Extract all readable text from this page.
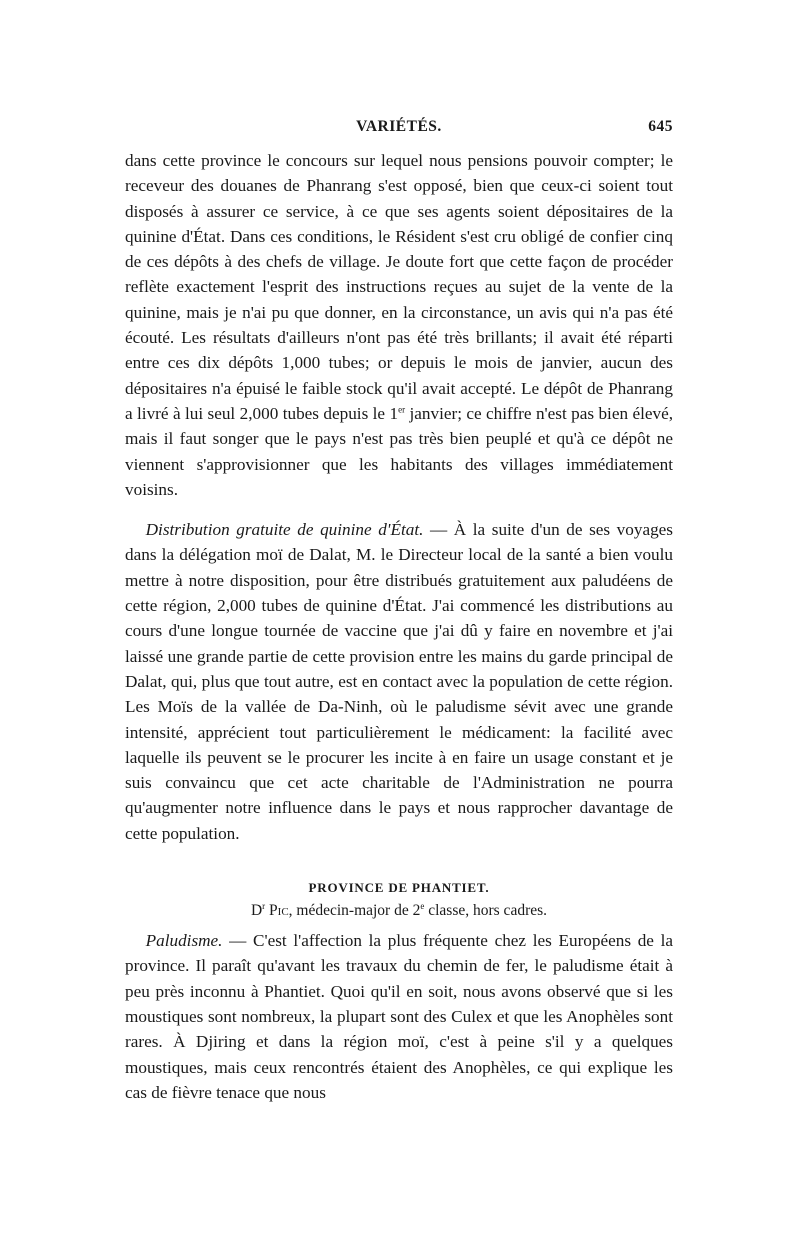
VARIÉTÉS.	645

dans cette province le concours sur lequel nous pensions pouvoir compter; le receveur des douanes de Phanrang s'est opposé, bien que ceux-ci soient tout disposés à assurer ce service, à ce que ses agents soient dépositaires de la quinine d'État. Dans ces conditions, le Résident s'est cru obligé de confier cinq de ces dépôts à des chefs de village. Je doute fort que cette façon de procéder reflète exactement l'esprit des instructions reçues au sujet de la vente de la quinine, mais je n'ai pu que donner, en la circonstance, un avis qui n'a pas été écouté. Les résultats d'ailleurs n'ont pas été très brillants; il avait été réparti entre ces dix dépôts 1,000 tubes; or depuis le mois de janvier, aucun des dépositaires n'a épuisé le faible stock qu'il avait accepté. Le dépôt de Phanrang a livré à lui seul 2,000 tubes depuis le 1er janvier; ce chiffre n'est pas bien élevé, mais il faut songer que le pays n'est pas très bien peuplé et qu'à ce dépôt ne viennent s'approvisionner que les habitants des villages immédiatement voisins.

Distribution gratuite de quinine d'État. — À la suite d'un de ses voyages dans la délégation moï de Dalat, M. le Directeur local de la santé a bien voulu mettre à notre disposition, pour être distribués gratuitement aux paludéens de cette région, 2,000 tubes de quinine d'État. J'ai commencé les distributions au cours d'une longue tournée de vaccine que j'ai dû y faire en novembre et j'ai laissé une grande partie de cette provision entre les mains du garde principal de Dalat, qui, plus que tout autre, est en contact avec la population de cette région. Les Moïs de la vallée de Da-Ninh, où le paludisme sévit avec une grande intensité, apprécient tout particulièrement le médicament: la facilité avec laquelle ils peuvent se le procurer les incite à en faire un usage constant et je suis convaincu que cet acte charitable de l'Administration ne pourra qu'augmenter notre influence dans le pays et nous rapprocher davantage de cette population.

PROVINCE DE PHANTIET.
$D^r$ Pic, médecin-major de 2e classe, hors cadres.

Paludisme. — C'est l'affection la plus fréquente chez les Européens de la province. Il paraît qu'avant les travaux du chemin de fer, le paludisme était à peu près inconnu à Phantiet. Quoi qu'il en soit, nous avons observé que si les moustiques sont nombreux, la plupart sont des Culex et que les Anophèles sont rares. À Djiring et dans la région moï, c'est à peine s'il y a quelques moustiques, mais ceux rencontrés étaient des Anophèles, ce qui explique les cas de fièvre tenace que nous
